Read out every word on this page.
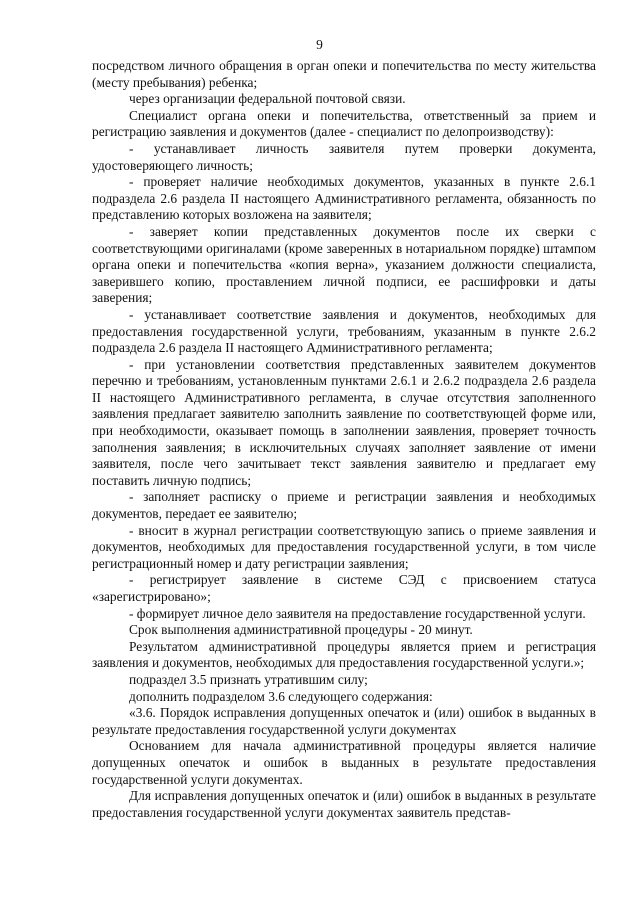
9

посредством личного обращения в орган опеки и попечительства по месту жительства (месту пребывания) ребенка;

через организации федеральной почтовой связи.

Специалист органа опеки и попечительства, ответственный за прием и регистрацию заявления и документов (далее - специалист по делопроизводству):

- устанавливает личность заявителя путем проверки документа, удостоверяющего личность;

- проверяет наличие необходимых документов, указанных в пункте 2.6.1 подраздела 2.6 раздела II настоящего Административного регламента, обязанность по представлению которых возложена на заявителя;

- заверяет копии представленных документов после их сверки с соответствующими оригиналами (кроме заверенных в нотариальном порядке) штампом органа опеки и попечительства «копия верна», указанием должности специалиста, заверившего копию, проставлением личной подписи, ее расшифровки и даты заверения;

- устанавливает соответствие заявления и документов, необходимых для предоставления государственной услуги, требованиям, указанным в пункте 2.6.2 подраздела 2.6 раздела II настоящего Административного регламента;

- при установлении соответствия представленных заявителем документов перечню и требованиям, установленным пунктами 2.6.1 и 2.6.2 подраздела 2.6 раздела II настоящего Административного регламента, в случае отсутствия заполненного заявления предлагает заявителю заполнить заявление по соответствующей форме или, при необходимости, оказывает помощь в заполнении заявления, проверяет точность заполнения заявления; в исключительных случаях заполняет заявление от имени заявителя, после чего зачитывает текст заявления заявителю и предлагает ему поставить личную подпись;

- заполняет расписку о приеме и регистрации заявления и необходимых документов, передает ее заявителю;

- вносит в журнал регистрации соответствующую запись о приеме заявления и документов, необходимых для предоставления государственной услуги, в том числе регистрационный номер и дату регистрации заявления;

- регистрирует заявление в системе СЭД с присвоением статуса «зарегистрировано»;

- формирует личное дело заявителя на предоставление государственной услуги.

Срок выполнения административной процедуры - 20 минут.

Результатом административной процедуры является прием и регистрация заявления и документов, необходимых для предоставления государственной услуги.»;

подраздел 3.5 признать утратившим силу;

дополнить подразделом 3.6 следующего содержания:

«3.6. Порядок исправления допущенных опечаток и (или) ошибок в выданных в результате предоставления государственной услуги документах

Основанием для начала административной процедуры является наличие допущенных опечаток и ошибок в выданных в результате предоставления государственной услуги документах.

Для исправления допущенных опечаток и (или) ошибок в выданных в результате предоставления государственной услуги документах заявитель представ-
